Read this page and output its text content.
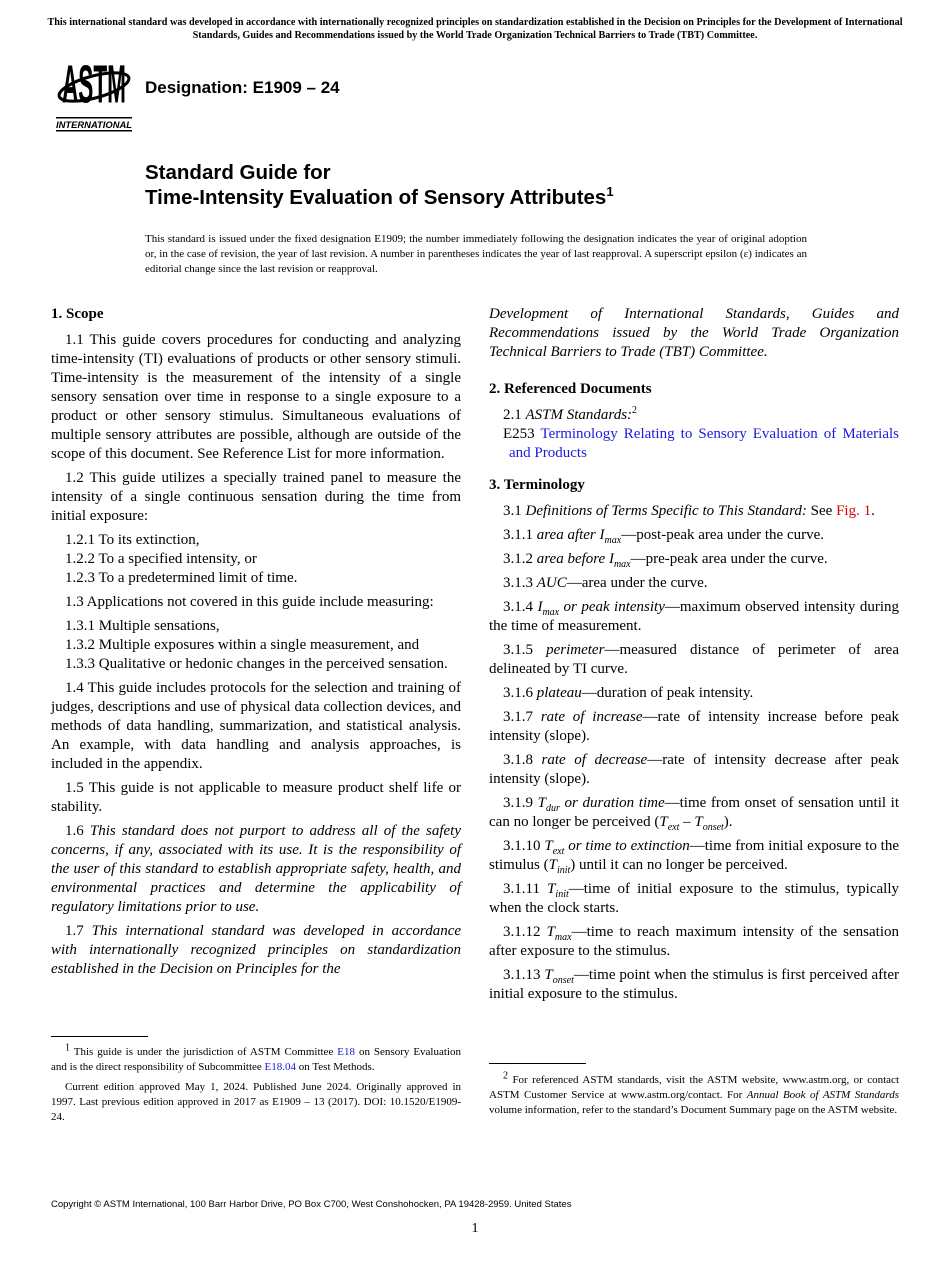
This international standard was developed in accordance with internationally recognized principles on standardization established in the Decision on Principles for the Development of International Standards, Guides and Recommendations issued by the World Trade Organization Technical Barriers to Trade (TBT) Committee.
ASTM
INTERNATIONAL
Designation: E1909 – 24
Standard Guide for
Time-Intensity Evaluation of Sensory Attributes$^1$
This standard is issued under the fixed designation E1909; the number immediately following the designation indicates the year of original adoption or, in the case of revision, the year of last revision. A number in parentheses indicates the year of last reapproval. A superscript epsilon (ε) indicates an editorial change since the last revision or reapproval.
1. Scope

1.1 This guide covers procedures for conducting and analyzing time-intensity (TI) evaluations of products or other sensory stimuli. Time-intensity is the measurement of the intensity of a single sensory sensation over time in response to a single exposure to a product or other sensory stimulus. Simultaneous evaluations of multiple sensory attributes are possible, although are outside of the scope of this document. See Reference List for more information.

1.2 This guide utilizes a specially trained panel to measure the intensity of a single continuous sensation during the time from initial exposure:

1.2.1 To its extinction,

1.2.2 To a specified intensity, or

1.2.3 To a predetermined limit of time.

1.3 Applications not covered in this guide include measuring:

1.3.1 Multiple sensations,

1.3.2 Multiple exposures within a single measurement, and

1.3.3 Qualitative or hedonic changes in the perceived sensation.

1.4 This guide includes protocols for the selection and training of judges, descriptions and use of physical data collection devices, and methods of data handling, summarization, and statistical analysis. An example, with data handling and analysis approaches, is included in the appendix.

1.5 This guide is not applicable to measure product shelf life or stability.

1.6 This standard does not purport to address all of the safety concerns, if any, associated with its use. It is the responsibility of the user of this standard to establish appropriate safety, health, and environmental practices and determine the applicability of regulatory limitations prior to use.

1.7 This international standard was developed in accordance with internationally recognized principles on standardization established in the Decision on Principles for the

Development of International Standards, Guides and Recommendations issued by the World Trade Organization Technical Barriers to Trade (TBT) Committee.

2. Referenced Documents

2.1 ASTM Standards:$^2$

E253 Terminology Relating to Sensory Evaluation of Materials and Products

3. Terminology

3.1 Definitions of Terms Specific to This Standard: See Fig. 1.

3.1.1 area after $I_{max}—post$-peak area under the curve.

3.1.2 area before $I_{max}—pre$-peak area under the curve.

3.1.3 AUC—area under the curve.

3.1.4 $I_{max}$ or peak intensity—maximum observed intensity during the time of measurement.

3.1.5 perimeter—measured distance of perimeter of area delineated by TI curve.

3.1.6 plateau—duration of peak intensity.

3.1.7 rate of increase—rate of intensity increase before peak intensity (slope).

3.1.8 rate of decrease—rate of intensity decrease after peak intensity (slope).

3.1.9 $T_{dur}$ or duration time—time from onset of sensation until it can no longer be perceived $(T_{ext} - T_{onset})$.

3.1.10 $T_{ext}$ or time to extinction—time from initial exposure to the stimulus $(T_{init})$ until it can no longer be perceived.

3.1.11 $T_{init}—time$ of initial exposure to the stimulus, typically when the clock starts.

3.1.12 $T_{max}—time$ to reach maximum intensity of the sensation after exposure to the stimulus.

3.1.13 $T_{onset}—time$ point when the stimulus is first perceived after initial exposure to the stimulus.

$^1$ This guide is under the jurisdiction of ASTM Committee E18 on Sensory Evaluation and is the direct responsibility of Subcommittee E18.04 on Test Methods.

Current edition approved May 1, 2024. Published June 2024. Originally approved in 1997. Last previous edition approved in 2017 as E1909 – 13 (2017). DOI: 10.1520/E1909-24.

$^2$ For referenced ASTM standards, visit the ASTM website, www.astm.org, or contact ASTM Customer Service at www.astm.org/contact. For Annual Book of ASTM Standards volume information, refer to the standard’s Document Summary page on the ASTM website.

Copyright © ASTM International, 100 Barr Harbor Drive, PO Box C700, West Conshohocken, PA 19428-2959. United States
1
